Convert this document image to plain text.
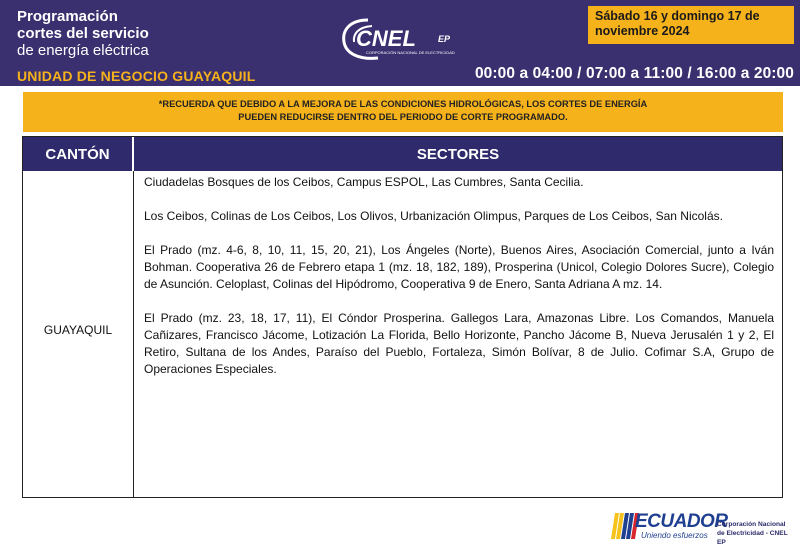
Programación
cortes del servicio
de energía eléctrica
UNIDAD DE NEGOCIO GUAYAQUIL
CNEL EP
CORPORACIÓN NACIONAL DE ELECTRICIDAD
Sábado 16 y domingo 17 de
noviembre 2024
00:00 a 04:00 / 07:00 a 11:00 / 16:00 a 20:00
*RECUERDA QUE DEBIDO A LA MEJORA DE LAS CONDICIONES HIDROLÓGICAS, LOS CORTES DE ENERGÍA
PUEDEN REDUCIRSE DENTRO DEL PERIODO DE CORTE PROGRAMADO.
CANTÓN	SECTORES
GUAYAQUIL

Ciudadelas Bosques de los Ceibos, Campus ESPOL, Las Cumbres, Santa Cecilia.

Los Ceibos, Colinas de Los Ceibos, Los Olivos, Urbanización Olimpus, Parques de Los Ceibos, San Nicolás.

El Prado (mz. 4-6, 8, 10, 11, 15, 20, 21), Los Ángeles (Norte), Buenos Aires, Asociación Comercial, junto a Iván Bohman. Cooperativa 26 de Febrero etapa 1 (mz. 18, 182, 189), Prosperina (Unicol, Colegio Dolores Sucre), Colegio de Asunción. Celoplast, Colinas del Hipódromo, Cooperativa 9 de Enero, Santa Adriana A mz. 14.

El Prado (mz. 23, 18, 17, 11), El Cóndor Prosperina. Gallegos Lara, Amazonas Libre. Los Comandos, Manuela Cañizares, Francisco Jácome, Lotización La Florida, Bello Horizonte, Pancho Jácome B, Nueva Jerusalén 1 y 2, El Retiro, Sultana de los Andes, Paraíso del Pueblo, Fortaleza, Simón Bolívar, 8 de Julio. Cofimar S.A, Grupo de Operaciones Especiales.

ECUADOR
Uniendo esfuerzos
Corporación Nacional
de Electricidad - CNEL EP
